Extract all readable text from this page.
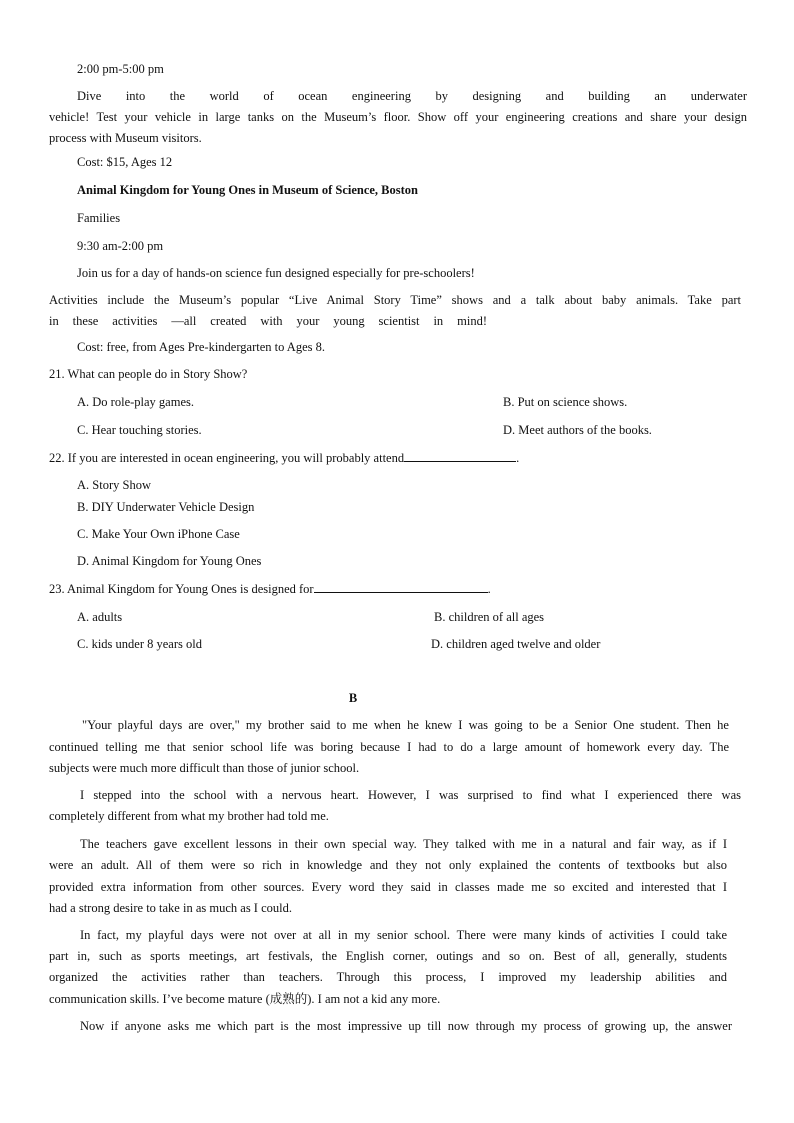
2:00 pm-5:00 pm
Dive into the world of ocean engineering by designing and building an underwater
vehicle! Test your vehicle in large tanks on the Museum’s floor. Show off your engineering creations and share your design
process with Museum visitors.
Cost: $15, Ages 12
Animal Kingdom for Young Ones in Museum of Science, Boston
Families
9:30 am-2:00 pm
Join us for a day of hands-on science fun designed especially for pre-schoolers!
Activities include the Museum’s popular “Live Animal Story Time” shows and a talk about baby animals. Take part
in these activities —all created with your young scientist in mind!
Cost: free, from Ages Pre-kindergarten to Ages 8.
21. What can people do in Story Show?
A. Do role-play games.	B. Put on science shows.
C. Hear touching stories.	D. Meet authors of the books.
22. If you are interested in ocean engineering, you will probably attend	.
A. Story Show
B. DIY Underwater Vehicle Design
C. Make Your Own iPhone Case
D. Animal Kingdom for Young Ones
23. Animal Kingdom for Young Ones is designed for	.
A. adults	B. children of all ages
C. kids under 8 years old	D. children aged twelve and older
B
"Your playful days are over," my brother said to me when he knew I was going to be a Senior One student. Then he
continued telling me that senior school life was boring because I had to do a large amount of homework every day. The
subjects were much more difficult than those of junior school.
I stepped into the school with a nervous heart. However, I was surprised to find what I experienced there was
completely different from what my brother had told me.
The teachers gave excellent lessons in their own special way. They talked with me in a natural and fair way, as if I
were an adult. All of them were so rich in knowledge and they not only explained the contents of textbooks but also
provided extra information from other sources. Every word they said in classes made me so excited and interested that I
had a strong desire to take in as much as I could.
In fact, my playful days were not over at all in my senior school. There were many kinds of activities I could take
part in, such as sports meetings, art festivals, the English corner, outings and so on. Best of all, generally, students
organized the activities rather than teachers. Through this process, I improved my leadership abilities and
communication skills. I’ve become mature (成熟的). I am not a kid any more.
Now if anyone asks me which part is the most impressive up till now through my process of growing up, the answer
